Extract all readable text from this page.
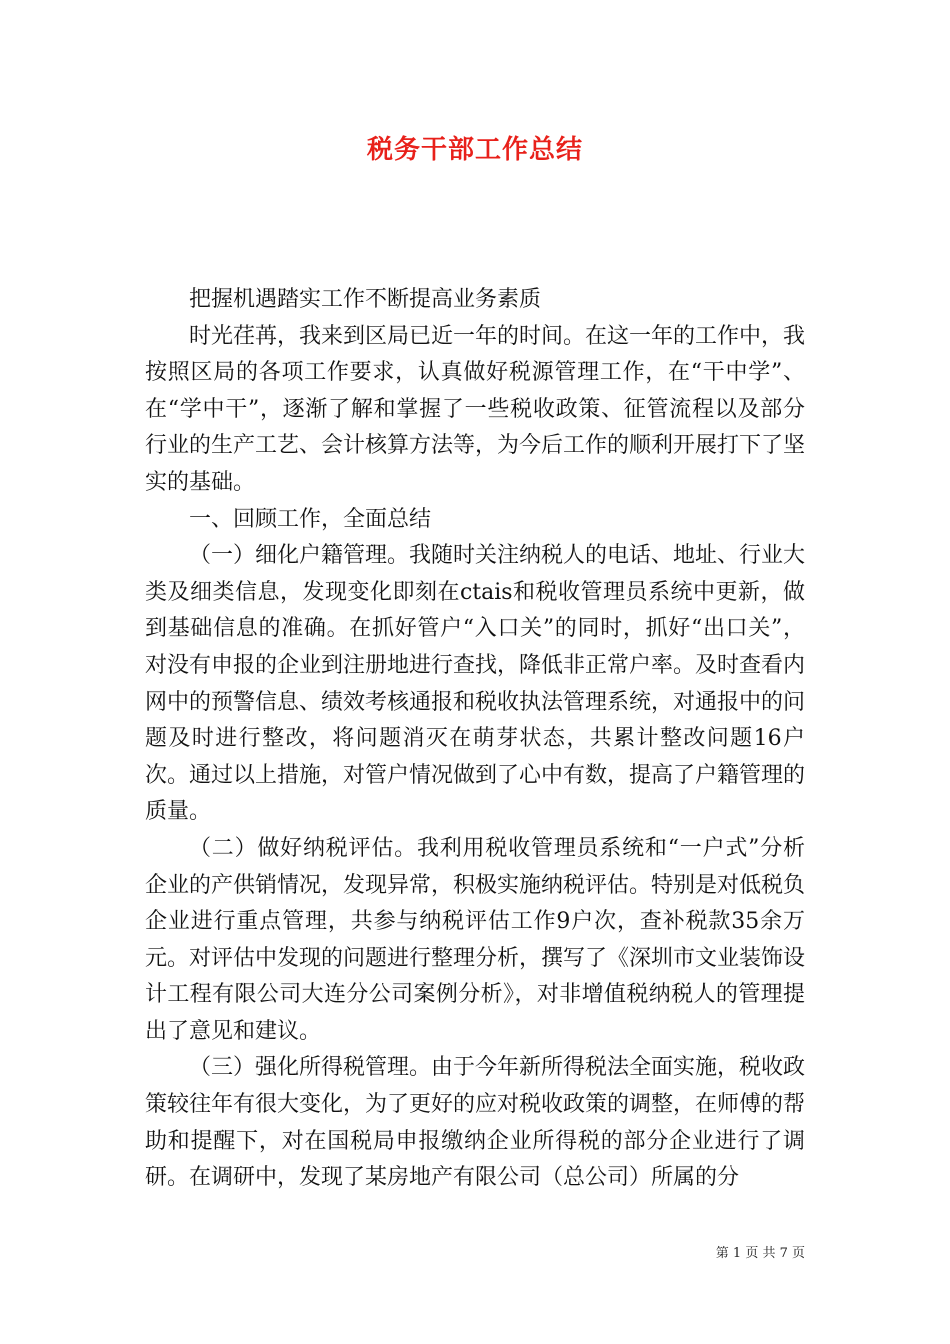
税务干部工作总结

把握机遇踏实工作不断提高业务素质

时光荏苒，我来到区局已近一年的时间。在这一年的工作中，我按照区局的各项工作要求，认真做好税源管理工作，在“干中学”、在“学中干”，逐渐了解和掌握了一些税收政策、征管流程以及部分行业的生产工艺、会计核算方法等，为今后工作的顺利开展打下了坚实的基础。

一、回顾工作，全面总结

（一）细化户籍管理。我随时关注纳税人的电话、地址、行业大类及细类信息，发现变化即刻在ctais和税收管理员系统中更新，做到基础信息的准确。在抓好管户“入口关”的同时，抓好“出口关”，对没有申报的企业到注册地进行查找，降低非正常户率。及时查看内网中的预警信息、绩效考核通报和税收执法管理系统，对通报中的问题及时进行整改，将问题消灭在萌芽状态，共累计整改问题16户次。通过以上措施，对管户情况做到了心中有数，提高了户籍管理的质量。

（二）做好纳税评估。我利用税收管理员系统和“一户式”分析企业的产供销情况，发现异常，积极实施纳税评估。特别是对低税负企业进行重点管理，共参与纳税评估工作9户次，查补税款35余万元。对评估中发现的问题进行整理分析，撰写了《深圳市文业装饰设计工程有限公司大连分公司案例分析》，对非增值税纳税人的管理提出了意见和建议。

（三）强化所得税管理。由于今年新所得税法全面实施，税收政策较往年有很大变化，为了更好的应对税收政策的调整，在师傅的帮助和提醒下，对在国税局申报缴纳企业所得税的部分企业进行了调研。在调研中，发现了某房地产有限公司（总公司）所属的分

第 1 页 共 7 页
